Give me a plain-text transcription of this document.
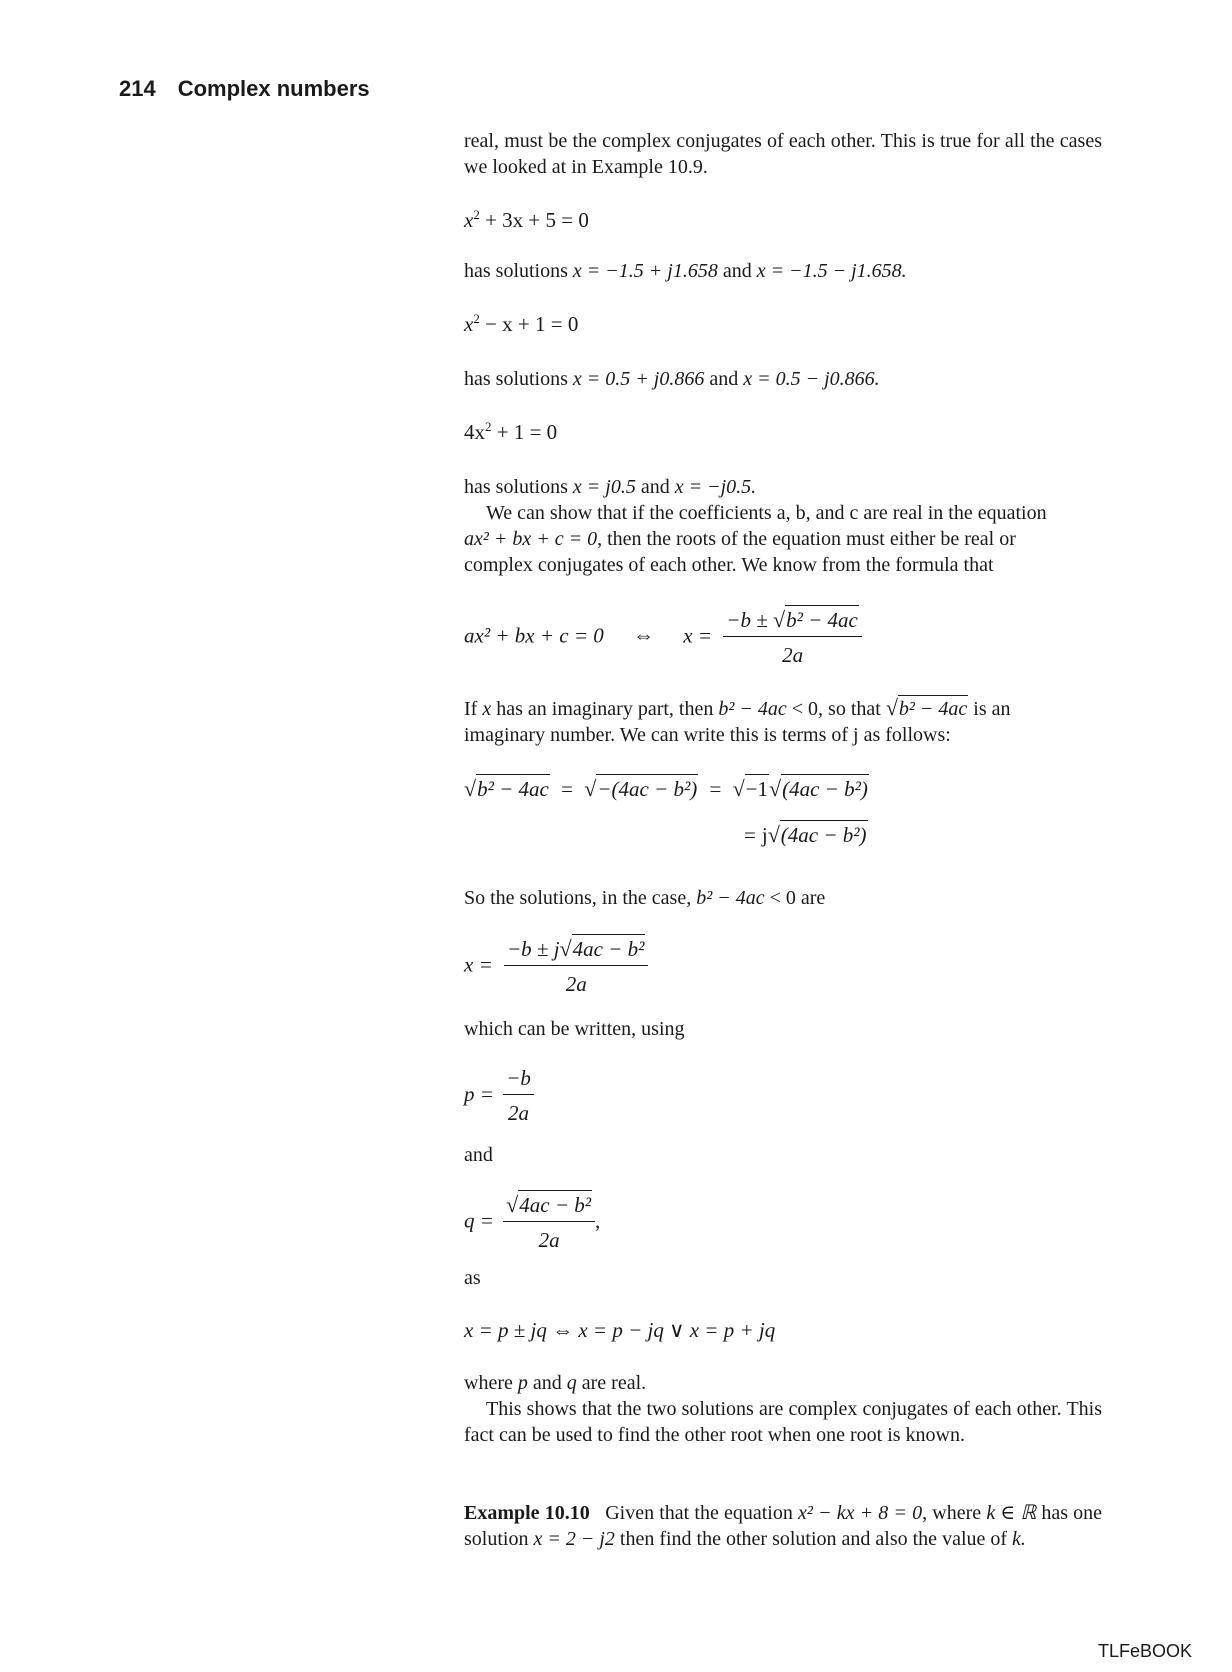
214 Complex numbers
real, must be the complex conjugates of each other. This is true for all the cases we looked at in Example 10.9.
$x^2 + 3x + 5 = 0$
has solutions x = −1.5 + j1.658 and x = −1.5 − j1.658.
$x^2 - x + 1 = 0$
has solutions x = 0.5 + j0.866 and x = 0.5 − j0.866.
$4x^2 + 1 = 0$
has solutions x = j0.5 and x = −j0.5.
We can show that if the coefficients a, b, and c are real in the equation
ax² + bx + c = 0, then the roots of the equation must either be real or
complex conjugates of each other. We know from the formula that
ax² + bx + c = 0 ⇔ $x = \frac{\text{−b ± √b² − 4ac}}{2a}$
If x has an imaginary part, then b² − 4ac < 0, so that √b² − 4ac is an
imaginary number. We can write this is terms of j as follows:
√b² − 4ac = √−(4ac − b²) = √−1√(4ac − b²)
= j√(4ac − b²)
So the solutions, in the case, b² − 4ac < 0 are
$x = \frac{\text{−b ± j√4ac − b²}}{2a}$
which can be written, using
$p = \frac{-b}{2a}$
and
$q = \frac{\text{√4ac − b²}}{2a}$ ,
as
x = p ± jq ⇔ x = p − jq ∨ x = p + jq
where p and q are real.
This shows that the two solutions are complex conjugates of each other. This fact can be used to find the other root when one root is known.
Example 10.10 Given that the equation x² − kx + 8 = 0, where k ∈ ℝ has one solution x = 2 − j2 then find the other solution and also the value of k.
TLFeBOOK
